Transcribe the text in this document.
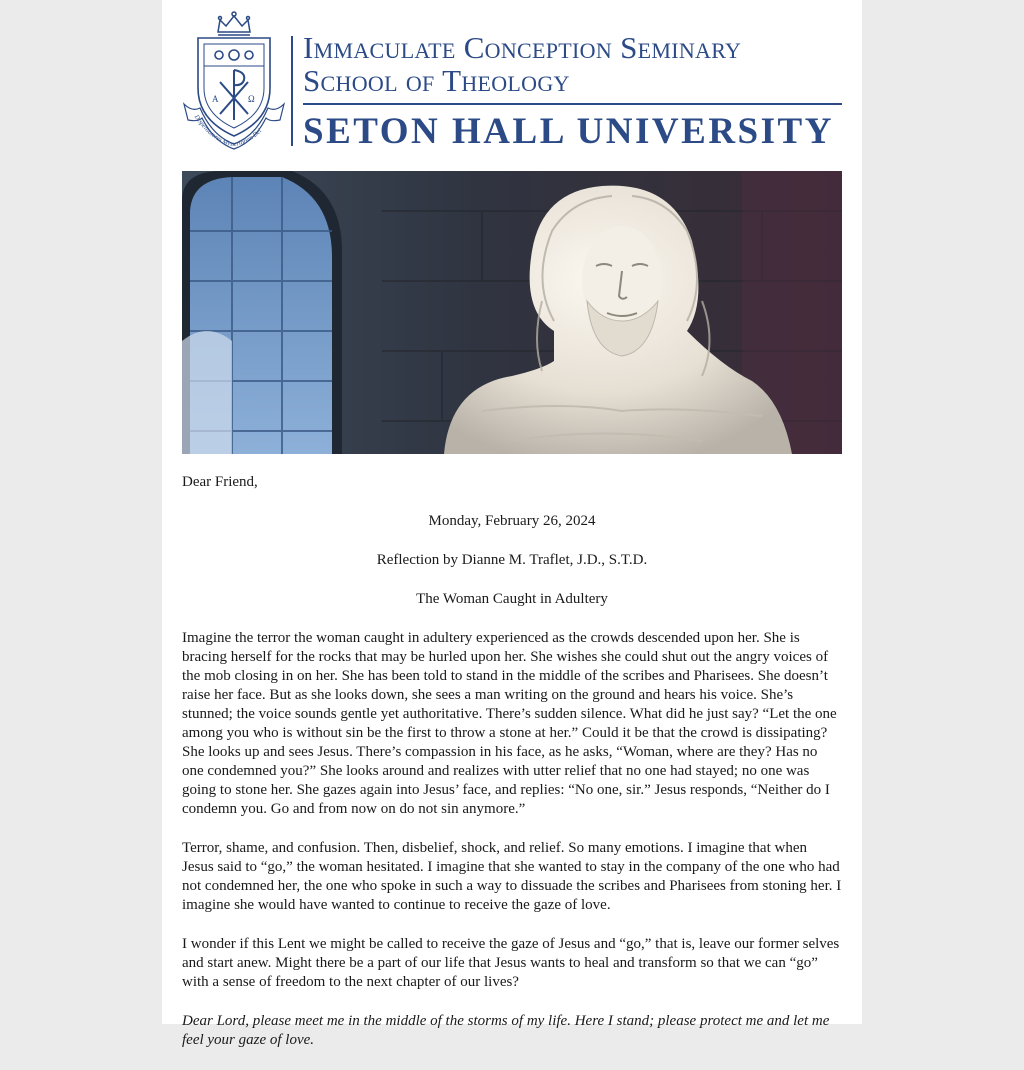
A	Ω
Dispensatores Mysteriorum Dei
Immaculate Conception Seminary
School of Theology
SETON HALL UNIVERSITY

Dear Friend,

Monday, February 26, 2024

Reflection by Dianne M. Traflet, J.D., S.T.D.

The Woman Caught in Adultery

Imagine the terror the woman caught in adultery experienced as the crowds descended upon her. She is bracing herself for the rocks that may be hurled upon her. She wishes she could shut out the angry voices of the mob closing in on her. She has been told to stand in the middle of the scribes and Pharisees. She doesn’t raise her face. But as she looks down, she sees a man writing on the ground and hears his voice. She’s stunned; the voice sounds gentle yet authoritative. There’s sudden silence. What did he just say? “Let the one among you who is without sin be the first to throw a stone at her.” Could it be that the crowd is dissipating? She looks up and sees Jesus. There’s compassion in his face, as he asks, “Woman, where are they? Has no one condemned you?” She looks around and realizes with utter relief that no one had stayed; no one was going to stone her. She gazes again into Jesus’ face, and replies: “No one, sir.” Jesus responds, “Neither do I condemn you. Go and from now on do not sin anymore.”

Terror, shame, and confusion. Then, disbelief, shock, and relief. So many emotions. I imagine that when Jesus said to “go,” the woman hesitated. I imagine that she wanted to stay in the company of the one who had not condemned her, the one who spoke in such a way to dissuade the scribes and Pharisees from stoning her. I imagine she would have wanted to continue to receive the gaze of love.

I wonder if this Lent we might be called to receive the gaze of Jesus and “go,” that is, leave our former selves and start anew. Might there be a part of our life that Jesus wants to heal and transform so that we can “go” with a sense of freedom to the next chapter of our lives?

Dear Lord, please meet me in the middle of the storms of my life. Here I stand; please protect me and let me feel your gaze of love.
